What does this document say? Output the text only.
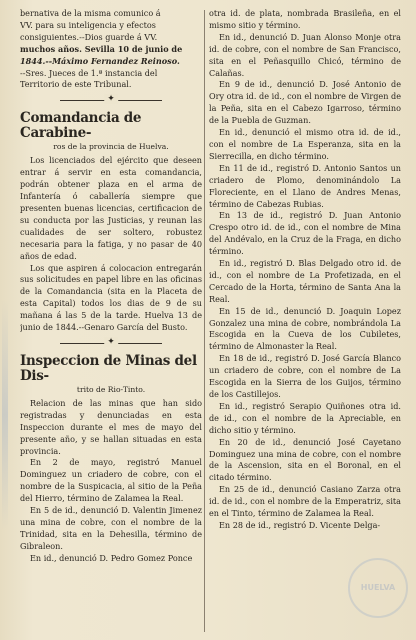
bernativa de la misma comunico á

VV. para su inteligencia y efectos

consiguientes.--Dios guarde á VV.

muchos años. Sevilla 10 de junio de

1844.--Máximo Fernandez Reinoso.

--Sres. Jueces de 1.ª instancia del

Territorio de este Tribunal.

✦
Comandancia de Carabine-
ros de la provincia de Huelva.

Los licenciados del ejército que deseen entrar á servir en esta comandancia, podrán obtener plaza en el arma de Infantería ó caballería siempre que presenten buenas licencias, certificacion de su conducta por las Justicias, y reunan las cualidades de ser soltero, robustez necesaria para la fatiga, y no pasar de 40 años de edad.

Los que aspiren á colocacion entregarán sus solicitudes en papel libre en las oficinas de la Comandancia (sita en la Placeta de esta Capital) todos los dias de 9 de su mañana á las 5 de la tarde. Huelva 13 de junio de 1844.--Genaro García del Busto.

✦
Inspeccion de Minas del Dis-
trito de Rio-Tinto.

Relacion de las minas que han sido registradas y denunciadas en esta Inspeccion durante el mes de mayo del presente año, y se hallan situadas en esta provincia.

En 2 de mayo, registró Manuel Dominguez un criadero de cobre, con el nombre de la Suspicacia, al sitio de la Peña del Hierro, término de Zalamea la Real.

En 5 de id., denunció D. Valentin Jimenez una mina de cobre, con el nombre de la Trinidad, sita en la Dehesilla, término de Gibraleon.

En id., denunció D. Pedro Gomez Ponce

otra id. de plata, nombrada Brasileña, en el mismo sitio y término.

En id., denunció D. Juan Alonso Monje otra id. de cobre, con el nombre de San Francisco, sita en el Peñasquillo Chicó, término de Calañas.

En 9 de id., denunció D. José Antonio de Ory otra id. de id., con el nombre de Virgen de la Peña, sita en el Cabezo Igarroso, término de la Puebla de Guzman.

En id., denunció el mismo otra id. de id., con el nombre de La Esperanza, sita en la Sierrecilla, en dicho término.

En 11 de id., registró D. Antonio Santos un criadero de Plomo, denominándolo La Floreciente, en el Llano de Andres Menas, término de Cabezas Rubias.

En 13 de id., registró D. Juan Antonio Crespo otro id. de id., con el nombre de Mina del Andévalo, en la Cruz de la Fraga, en dicho término.

En id., registró D. Blas Delgado otro id. de id., con el nombre de La Profetizada, en el Cercado de la Horta, término de Santa Ana la Real.

En 15 de id., denunció D. Joaquin Lopez Gonzalez una mina de cobre, nombrándola La Escogida en la Cueva de los Cubiletes, término de Almonaster la Real.

En 18 de id., registró D. José García Blanco un criadero de cobre, con el nombre de La Escogida en la Sierra de los Guijos, término de los Castillejos.

En id., registró Serapio Quiñones otra id. de id., con el nombre de la Apreciable, en dicho sitio y término.

En 20 de id., denunció José Cayetano Dominguez una mina de cobre, con el nombre de la Ascension, sita en el Boronal, en el citado término.

En 25 de id., denunció Casiano Zarza otra id. de id., con el nombre de la Emperatriz, sita en el Tinto, término de Zalamea la Real.

En 28 de id., registró D. Vicente Delga-

HUELVA
